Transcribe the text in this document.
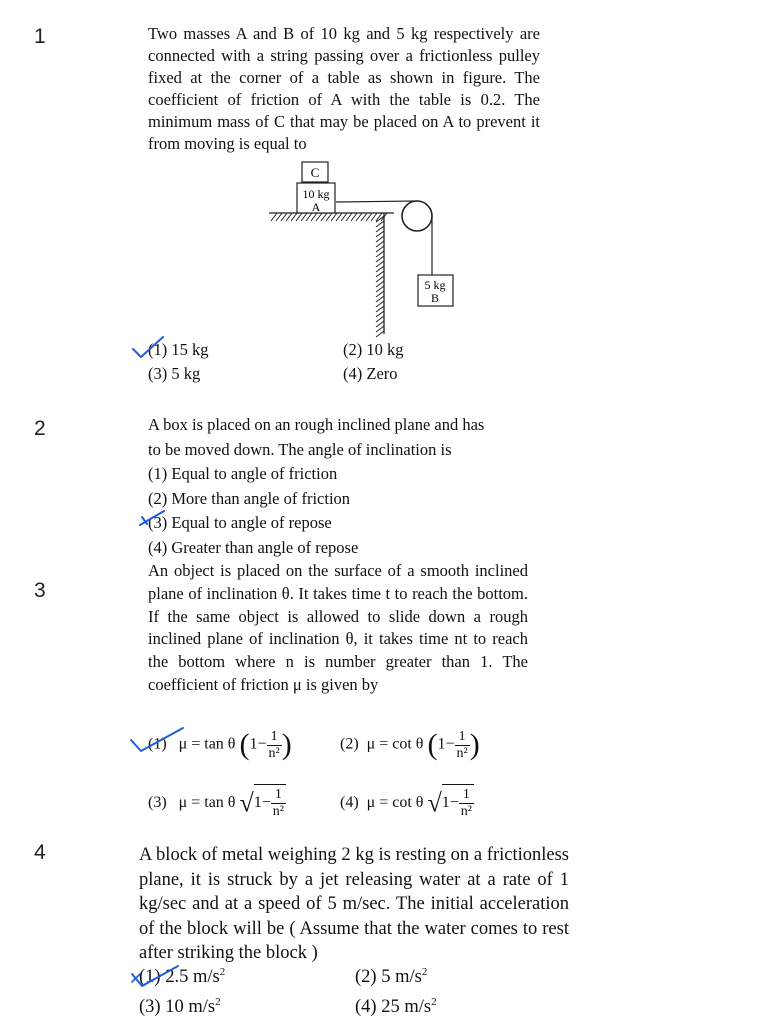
1	Two masses A and B of 10 kg and 5 kg respectively are connected with a string passing over a frictionless pulley fixed at the corner of a table as shown in figure. The coefficient of friction of A with the table is 0.2. The minimum mass of C that may be placed on A to prevent it from moving is equal to
C
10 kg
A
5 kg
B
(1) 15 kg	(2) 10 kg
(3) 5 kg	(4) Zero
2	A box is placed on an rough inclined plane and has
to be moved down. The angle of inclination is
(1) Equal to angle of friction
(2) More than angle of friction
(3) Equal to angle of repose
(4) Greater than angle of repose
3
An object is placed on the surface of a smooth inclined plane of inclination θ. It takes time t to reach the bottom. If the same object is allowed to slide down a rough inclined plane of inclination θ, it takes time nt to reach the bottom where n is number greater than 1. The coefficient of friction μ is given by
(1) μ = tan θ ($1- \frac{1}{\text{n²}}$ )	(2) μ = cot θ ($1- \frac{1}{\text{n²}}$ )
(3) μ = tan θ $√1- \frac{1}{\text{n²}}$	(4) μ = cot θ $√1- \frac{1}{\text{n²}}$
4	A block of metal weighing 2 kg is resting on a frictionless plane, it is struck by a jet releasing water at a rate of 1 kg/sec and at a speed of 5 m/sec. The initial acceleration of the block will be ( Assume that the water comes to rest after striking the block )
(1) 2.5 $m/s^2$	(2) 5 $m/s^2$
(3) 10 $m/s^2$	(4) 25 $m/s^2$
